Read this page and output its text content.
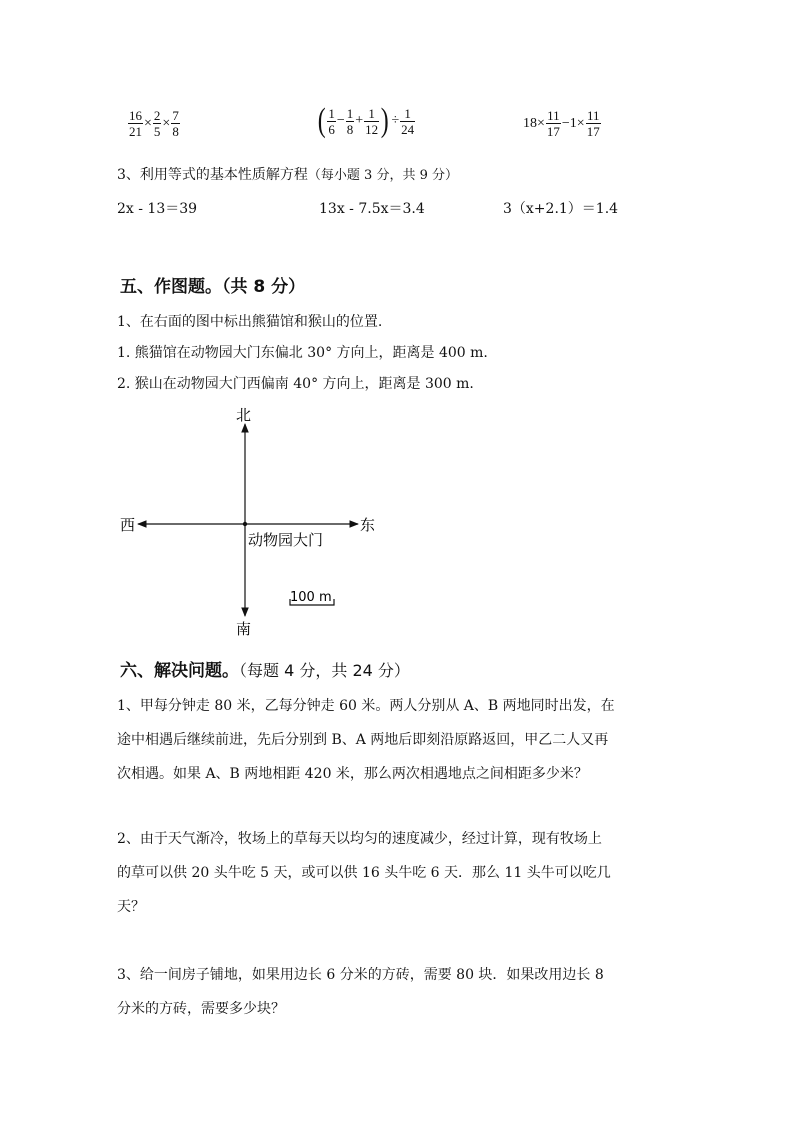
$\frac{16}{21} \times \frac{2}{5} \times \frac{7}{8}$	( $\frac{1}{6} - \frac{1}{8} + \frac{1}{12}$ ) ÷ $\frac{1}{24}$	$18\times \frac{11}{17} -1\times \frac{11}{17}$
3、利用等式的基本性质解方程（每小题 3 分，共 9 分）
2x - 13＝39	13x - 7.5x＝3.4	3（x+2.1）＝1.4
五、作图题。（共 8 分）
1、在右面的图中标出熊猫馆和猴山的位置.
1. 熊猫馆在动物园大门东偏北 30° 方向上，距离是 400 m.
2. 猴山在动物园大门西偏南 40° 方向上，距离是 300 m.
北
南
西	东
动物园大门
100 m
六、解决问题。（每题 4 分，共 24 分）
1、甲每分钟走 80 米，乙每分钟走 60 米。两人分别从 A、B 两地同时出发，在
途中相遇后继续前进，先后分别到 B、A 两地后即刻沿原路返回，甲乙二人又再
次相遇。如果 A、B 两地相距 420 米，那么两次相遇地点之间相距多少米？
2、由于天气渐冷，牧场上的草每天以均匀的速度减少，经过计算，现有牧场上
的草可以供 20 头牛吃 5 天，或可以供 16 头牛吃 6 天．那么 11 头牛可以吃几
天？
3、给一间房子铺地，如果用边长 6 分米的方砖，需要 80 块．如果改用边长 8
分米的方砖，需要多少块？
